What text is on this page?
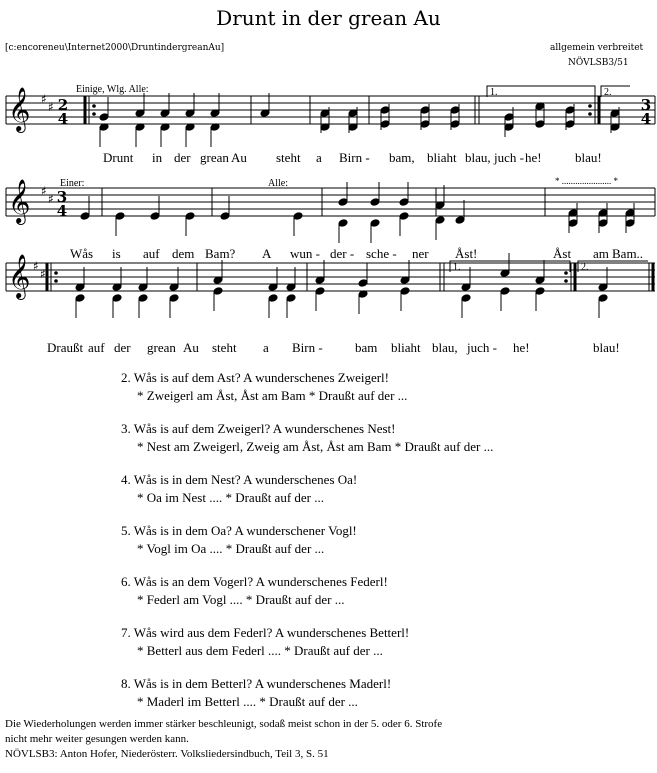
Drunt in der grean Au
[c:encoreneu\Internet2000\DruntindergreanAu]	allgemein verbreitet
NÖVLSB3/51
𝄞
𝄞
𝄞
♯
♯
♯
♯
♯
♯
2
4
3
4
3
4
Einige, Wlg. Alle:
Einer:	Alle:
1.	2.
1.	2.
* ...................... *
Drunt in der grean Au steht a Birn - bam, bliaht blau, juch - he!	blau!
Wås is auf dem Bam? A wun - der - sche - ner Åst!	Åst am Bam..
Draußt auf der grean Au steht a Birn - bam bliaht blau, juch - he!	blau!
2. Wås is auf dem Ast? A wunderschenes Zweigerl!
* Zweigerl am Åst, Åst am Bam * Draußt auf der ...
3. Wås is auf dem Zweigerl? A wunderschenes Nest!
* Nest am Zweigerl, Zweig am Åst, Åst am Bam * Draußt auf der ...
4. Wås is in dem Nest? A wunderschenes Oa!
* Oa im Nest .... * Draußt auf der ...
5. Wås is in dem Oa? A wunderschener Vogl!
* Vogl im Oa .... * Draußt auf der ...
6. Wås is an dem Vogerl? A wunderschenes Federl!
* Federl am Vogl .... * Draußt auf der ...
7. Wås wird aus dem Federl? A wunderschenes Betterl!
* Betterl aus dem Federl .... * Draußt auf der ...
8. Wås is in dem Betterl? A wunderschenes Maderl!
* Maderl im Betterl .... * Draußt auf der ...
Die Wiederholungen werden immer stärker beschleunigt, sodaß meist schon in der 5. oder 6. Strofe
nicht mehr weiter gesungen werden kann.
NÖVLSB3: Anton Hofer, Niederösterr. Volksliedersindbuch, Teil 3, S. 51
